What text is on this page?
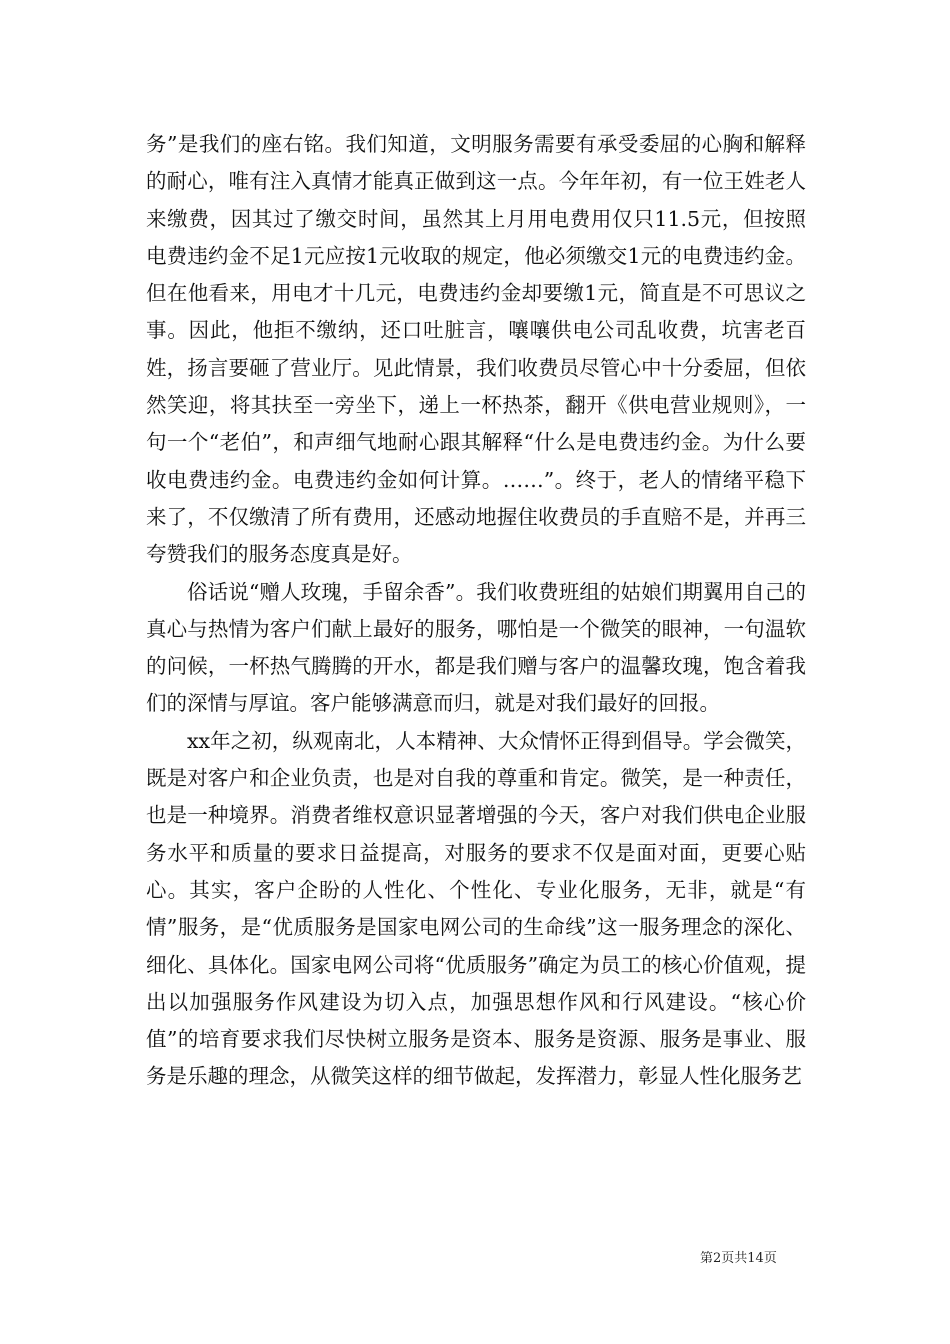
务”是我们的座右铭。我们知道，文明服务需要有承受委屈的心胸和解释的耐心，唯有注入真情才能真正做到这一点。今年年初，有一位王姓老人来缴费，因其过了缴交时间，虽然其上月用电费用仅只11.5元，但按照电费违约金不足1元应按1元收取的规定，他必须缴交1元的电费违约金。但在他看来，用电才十几元，电费违约金却要缴1元，简直是不可思议之事。因此，他拒不缴纳，还口吐脏言，嚷嚷供电公司乱收费，坑害老百姓，扬言要砸了营业厅。见此情景，我们收费员尽管心中十分委屈，但依然笑迎，将其扶至一旁坐下，递上一杯热茶，翻开《供电营业规则》，一句一个“老伯”，和声细气地耐心跟其解释“什么是电费违约金。为什么要收电费违约金。电费违约金如何计算。……”。终于，老人的情绪平稳下来了，不仅缴清了所有费用，还感动地握住收费员的手直赔不是，并再三夸赞我们的服务态度真是好。

俗话说“赠人玫瑰，手留余香”。我们收费班组的姑娘们期翼用自己的真心与热情为客户们献上最好的服务，哪怕是一个微笑的眼神，一句温软的问候，一杯热气腾腾的开水，都是我们赠与客户的温馨玫瑰，饱含着我们的深情与厚谊。客户能够满意而归，就是对我们最好的回报。

xx年之初，纵观南北，人本精神、大众情怀正得到倡导。学会微笑，既是对客户和企业负责，也是对自我的尊重和肯定。微笑，是一种责任，也是一种境界。消费者维权意识显著增强的今天，客户对我们供电企业服务水平和质量的要求日益提高，对服务的要求不仅是面对面，更要心贴心。其实，客户企盼的人性化、个性化、专业化服务，无非，就是“有情”服务，是“优质服务是国家电网公司的生命线”这一服务理念的深化、细化、具体化。国家电网公司将“优质服务”确定为员工的核心价值观，提出以加强服务作风建设为切入点，加强思想作风和行风建设。“核心价值”的培育要求我们尽快树立服务是资本、服务是资源、服务是事业、服务是乐趣的理念，从微笑这样的细节做起，发挥潜力，彰显人性化服务艺

第2页共14页
